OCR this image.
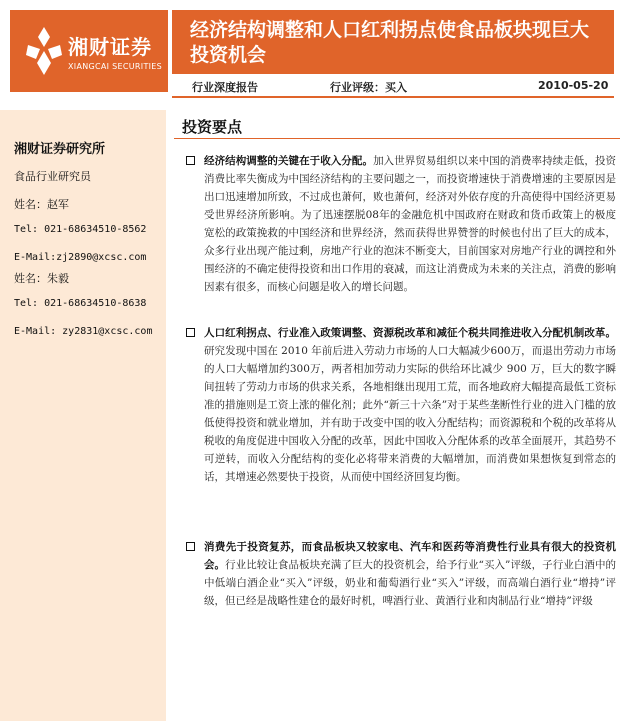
湘财证券
XIANGCAI SECURITIES
经济结构调整和人口红利拐点使食品板块现巨大
投资机会
行业深度报告	行业评级：买入	2010-05-20
湘财证券研究所
食品行业研究员
姓名：赵军
Tel: 021-68634510-8562
E-Mail:zj2890@xcsc.com
姓名：朱毅
Tel: 021-68634510-8638
E-Mail: zy2831@xcsc.com
投资要点
经济结构调整的关键在于收入分配。加入世界贸易组织以来中国的消费率持续走低，投资消费比率失衡成为中国经济结构的主要问题之一，而投资增速快于消费增速的主要原因是出口迅速增加所致，不过成也萧何，败也萧何，经济对外依存度的升高使得中国经济更易受世界经济所影响。为了迅速摆脱08年的金融危机中国政府在财政和货币政策上的极度宽松的政策挽救的中国经济和世界经济，然而获得世界赞誉的时候也付出了巨大的成本，众多行业出现产能过剩，房地产行业的泡沫不断变大，目前国家对房地产行业的调控和外围经济的不确定使得投资和出口作用的衰减，而这让消费成为未来的关注点，消费的影响因素有很多，而核心问题是收入的增长问题。
人口红利拐点、行业准入政策调整、资源税改革和减征个税共同推进收入分配机制改革。研究发现中国在 2010 年前后进入劳动力市场的人口大幅减少600万，而退出劳动力市场的人口大幅增加约300万，两者相加劳动力实际的供给环比减少 900 万，巨大的数字瞬间扭转了劳动力市场的供求关系，各地相继出现用工荒，而各地政府大幅提高最低工资标准的措施则是工资上涨的催化剂；此外“新三十六条”对于某些垄断性行业的进入门槛的放低使得投资和就业增加，并有助于改变中国的收入分配结构；而资源税和个税的改革将从税收的角度促进中国收入分配的改革，因此中国收入分配体系的改革全面展开，其趋势不可逆转，而收入分配结构的变化必将带来消费的大幅增加，而消费如果想恢复到常态的话，其增速必然要快于投资，从而使中国经济回复均衡。
消费先于投资复苏，而食品板块又较家电、汽车和医药等消费性行业具有很大的投资机会。行业比较让食品板块充满了巨大的投资机会，给予行业“买入”评级，子行业白酒中的中低端白酒企业“买入”评级，奶业和葡萄酒行业“买入”评级，而高端白酒行业“增持”评级，但已经是战略性建仓的最好时机，啤酒行业、黄酒行业和肉制品行业“增持”评级
